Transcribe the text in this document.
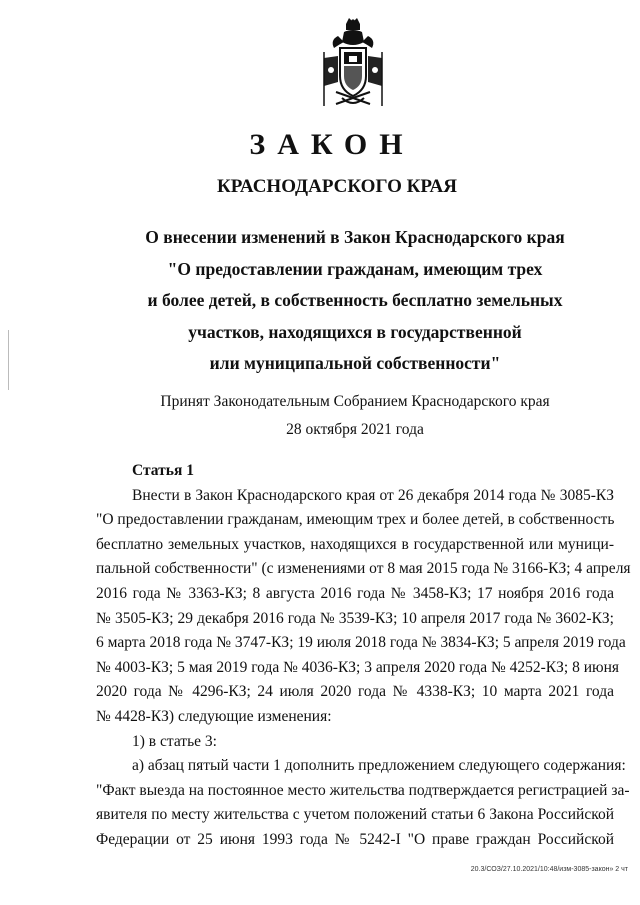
ЗАКОН
КРАСНОДАРСКОГО КРАЯ
О внесении изменений в Закон Краснодарского края
"О предоставлении гражданам, имеющим трех
и более детей, в собственность бесплатно земельных
участков, находящихся в государственной
или муниципальной собственности"
Принят Законодательным Собранием Краснодарского края
28 октября 2021 года
Статья 1
Внести в Закон Краснодарского края от 26 декабря 2014 года № 3085-КЗ
"О предоставлении гражданам, имеющим трех и более детей, в собственность
бесплатно земельных участков, находящихся в государственной или муници-
пальной собственности" (с изменениями от 8 мая 2015 года № 3166-КЗ; 4 апреля
2016 года № 3363-КЗ; 8 августа 2016 года № 3458-КЗ; 17 ноября 2016 года
№ 3505-КЗ; 29 декабря 2016 года № 3539-КЗ; 10 апреля 2017 года № 3602-КЗ;
6 марта 2018 года № 3747-КЗ; 19 июля 2018 года № 3834-КЗ; 5 апреля 2019 года
№ 4003-КЗ; 5 мая 2019 года № 4036-КЗ; 3 апреля 2020 года № 4252-КЗ; 8 июня
2020 года № 4296-КЗ; 24 июля 2020 года № 4338-КЗ; 10 марта 2021 года
№ 4428-КЗ) следующие изменения:
1) в статье 3:
а) абзац пятый части 1 дополнить предложением следующего содержания:
"Факт выезда на постоянное место жительства подтверждается регистрацией за-
явителя по месту жительства с учетом положений статьи 6 Закона Российской
Федерации от 25 июня 1993 года № 5242-I "О праве граждан Российской
20.3/СОЗ/27.10.2021/10:48/изм-3085-закон» 2 чт
